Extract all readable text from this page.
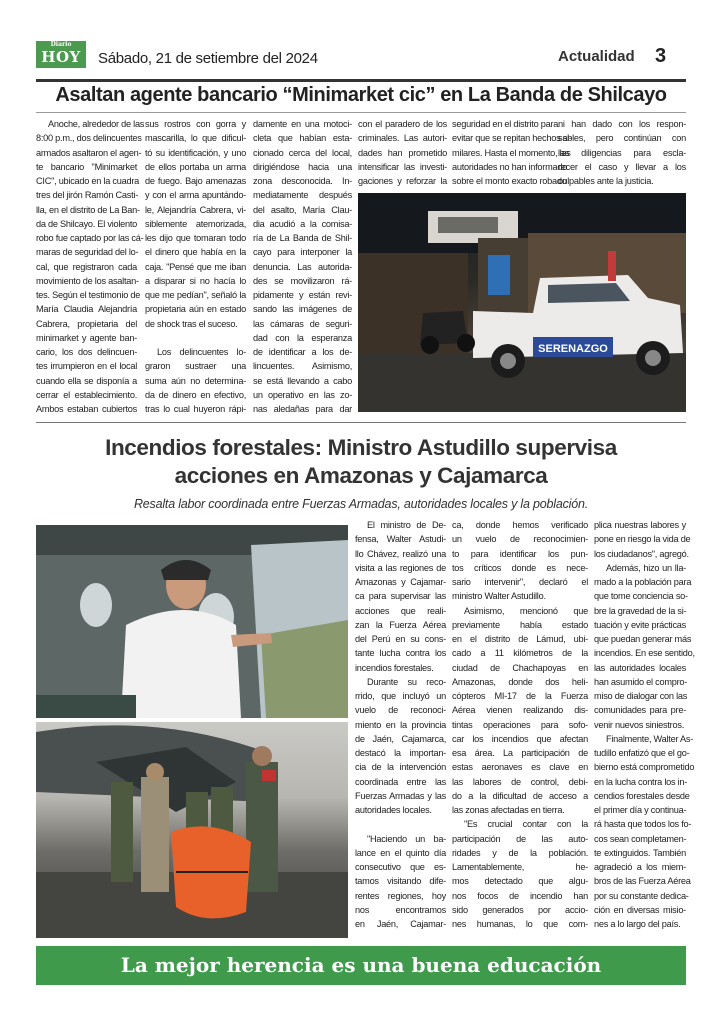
Diario
HOY	Sábado, 21 de setiembre del 2024	Actualidad 3
Asaltan agente bancario “Minimarket cic” en La Banda de Shilcayo
Anoche, alrededor de las
8:00 p.m., dos delincuentes
armados asaltaron el agen-
te bancario "Minimarket
CIC", ubicado en la cuadra
tres del jirón Ramón Casti-
lla, en el distrito de La Ban-
da de Shilcayo. El violento
robo fue captado por las cá-
maras de seguridad del lo-
cal, que registraron cada
movimiento de los asaltan-
tes. Según el testimonio de
María Claudia Alejandría
Cabrera, propietaria del
minimarket y agente ban-
cario, los dos delincuen-
tes irrumpieron en el local
cuando ella se disponía a
cerrar el establecimiento.
Ambos estaban cubiertos
sus rostros con gorra y
mascarilla, lo que dificul-
tó su identificación, y uno
de ellos portaba un arma
de fuego. Bajo amenazas
y con el arma apuntándo-
le, Alejandría Cabrera, vi-
siblemente atemorizada,
les dijo que tomaran todo
el dinero que había en la
caja. "Pensé que me iban
a disparar si no hacía lo
que me pedían", señaló la
propietaria aún en estado
de shock tras el suceso.
Los delincuentes lo-
graron sustraer una
suma aún no determina-
da de dinero en efectivo,
tras lo cual huyeron rápi-
damente en una motoci-
cleta que habían esta-
cionado cerca del local,
dirigiéndose hacia una
zona desconocida. In-
mediatamente después
del asalto, María Clau-
dia acudió a la comisa-
ría de La Banda de Shil-
cayo para interponer la
denuncia. Las autorida-
des se movilizaron rá-
pidamente y están revi-
sando las imágenes de
las cámaras de seguri-
dad con la esperanza
de identificar a los de-
lincuentes. Asimismo,
se está llevando a cabo
un operativo en las zo-
nas aledañas para dar
con el paradero de los
criminales. Las autori-
dades han prometido
intensificar las investi-
gaciones y reforzar la
seguridad en el distrito para
evitar que se repitan hechos si-
milares. Hasta el momento, las
autoridades no han informado
sobre el monto exacto robado
ni han dado con los respon-
sables, pero continúan con
las diligencias para escla-
recer el caso y llevar a los
culpables ante la justicia.
SERENAZGO
Incendios forestales: Ministro Astudillo supervisa
acciones en Amazonas y Cajamarca
Resalta labor coordinada entre Fuerzas Armadas, autoridades locales y la población.
El ministro de De-
fensa, Walter Astudi-
llo Chávez, realizó una
visita a las regiones de
Amazonas y Cajamar-
ca para supervisar las
acciones que reali-
zan la Fuerza Aérea
del Perú en su cons-
tante lucha contra los
incendios forestales.
Durante su reco-
rrido, que incluyó un
vuelo de reconoci-
miento en la provincia
de Jaén, Cajamarca,
destacó la importan-
cia de la intervención
coordinada entre las
Fuerzas Armadas y las
autoridades locales.
"Haciendo un ba-
lance en el quinto día
consecutivo que es-
tamos visitando dife-
rentes regiones, hoy
nos encontramos
en Jaén, Cajamar-
ca, donde hemos verificado
un vuelo de reconocimien-
to para identificar los pun-
tos críticos donde es nece-
sario intervenir", declaró el
ministro Walter Astudillo.
Asimismo, mencionó que
previamente había estado
en el distrito de Lámud, ubi-
cado a 11 kilómetros de la
ciudad de Chachapoyas en
Amazonas, donde dos heli-
cópteros MI-17 de la Fuerza
Aérea vienen realizando dis-
tintas operaciones para sofo-
car los incendios que afectan
esa área. La participación de
estas aeronaves es clave en
las labores de control, debi-
do a la dificultad de acceso a
las zonas afectadas en tierra.
"Es crucial contar con la
participación de las auto-
ridades y de la población.
Lamentablemente, he-
mos detectado que algu-
nos focos de incendio han
sido generados por accio-
nes humanas, lo que com-
plica nuestras labores y
pone en riesgo la vida de
los ciudadanos", agregó.
Además, hizo un lla-
mado a la población para
que tome conciencia so-
bre la gravedad de la si-
tuación y evite prácticas
que puedan generar más
incendios. En ese sentido,
las autoridades locales
han asumido el compro-
miso de dialogar con las
comunidades para pre-
venir nuevos siniestros.
Finalmente, Walter As-
tudillo enfatizó que el go-
bierno está comprometido
en la lucha contra los in-
cendios forestales desde
el primer día y continua-
rá hasta que todos los fo-
cos sean completamen-
te extinguidos. También
agradeció a los miem-
bros de las Fuerza Aérea
por su constante dedica-
ción en diversas misio-
nes a lo largo del país.
La mejor herencia es una buena educación
